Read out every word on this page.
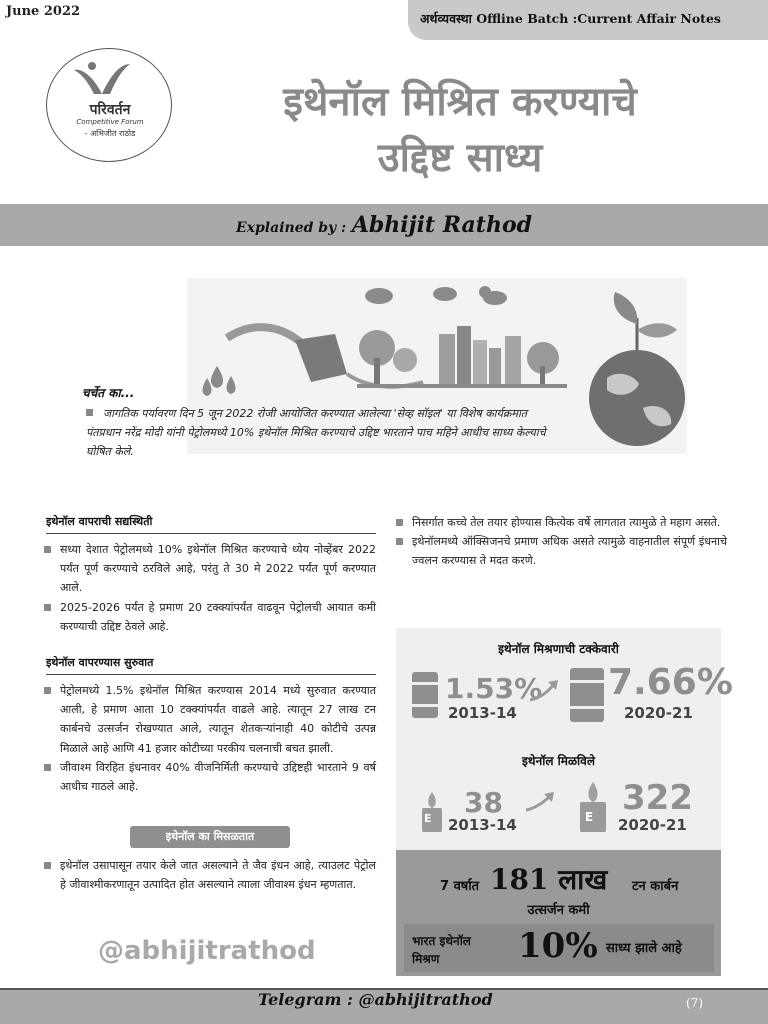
June 2022	अर्थव्यवस्था Offline Batch :Current Affair Notes
परिवर्तन
Competitive Forum
- अभिजीत राठोड
इथेनॉल मिश्रित करण्याचे
उद्दिष्ट साध्य
Explained by : Abhijit Rathod
चर्चेत का...
जागतिक पर्यावरण दिन 5 जून 2022 रोजी आयोजित करण्यात आलेल्या 'सेव्ह सॉइल' या विशेष कार्यक्रमात पंतप्रधान नरेंद्र मोदी यांनी पेट्रोलमध्ये 10% इथेनॉल मिश्रित करण्याचे उद्दिष्ट भारताने पाच महिने आधीच साध्य केल्याचे घोषित केले.
इथेनॉल वापराची सद्यस्थिती
सध्या देशात पेट्रोलमध्ये 10% इथेनॉल मिश्रित करण्याचे ध्येय नोव्हेंबर 2022 पर्यंत पूर्ण करण्याचे ठरविले आहे, परंतु ते 30 मे 2022 पर्यंत पूर्ण करण्यात आले.
2025-2026 पर्यंत हे प्रमाण 20 टक्क्यांपर्यंत वाढवून पेट्रोलची आयात कमी करण्याची उद्दिष्ट ठेवले आहे.
इथेनॉल वापरण्यास सुरुवात
पेट्रोलमध्ये 1.5% इथेनॉल मिश्रित करण्यास 2014 मध्ये सुरुवात करण्यात आली, हे प्रमाण आता 10 टक्क्यांपर्यंत वाढले आहे. त्यातून 27 लाख टन कार्बनचे उत्सर्जन रोखण्यात आले, त्यातून शेतकऱ्यांनाही 40 कोटीचे उत्पन्न मिळाले आहे आणि 41 हजार कोटीच्या परकीय चलनाची बचत झाली.
जीवाश्म विरहित इंधनावर 40% वीजनिर्मिती करण्याचे उद्दिष्टही भारताने 9 वर्ष आधीच गाठले आहे.
इथेनॉल का मिसळतात
इथेनॉल उसापासून तयार केले जात असल्याने ते जैव इंधन आहे, त्याउलट पेट्रोल हे जीवाश्मीकरणातून उत्पादित होत असल्याने त्याला जीवाश्म इंधन म्हणतात.
@abhijitrathod
निसर्गात कच्चे तेल तयार होण्यास कित्येक वर्षे लागतात त्यामुळे ते महाग असते.
इथेनॉलमध्ये ऑक्सिजनचे प्रमाण अधिक असते त्यामुळे वाहनातील संपूर्ण इंधनाचे ज्वलन करण्यास ते मदत करणे.
इथेनॉल मिश्रणाची टक्केवारी
1.53%
2013-14
7.66%
2020-21
इथेनॉल मिळविले
E 38
2013-14	E 322
2020-21
7 वर्षात 181 लाख टन कार्बन
उत्सर्जन कमी
भारत इथेनॉल मिश्रण	10% साध्य झाले आहे
Telegram : @abhijitrathod	(7)
